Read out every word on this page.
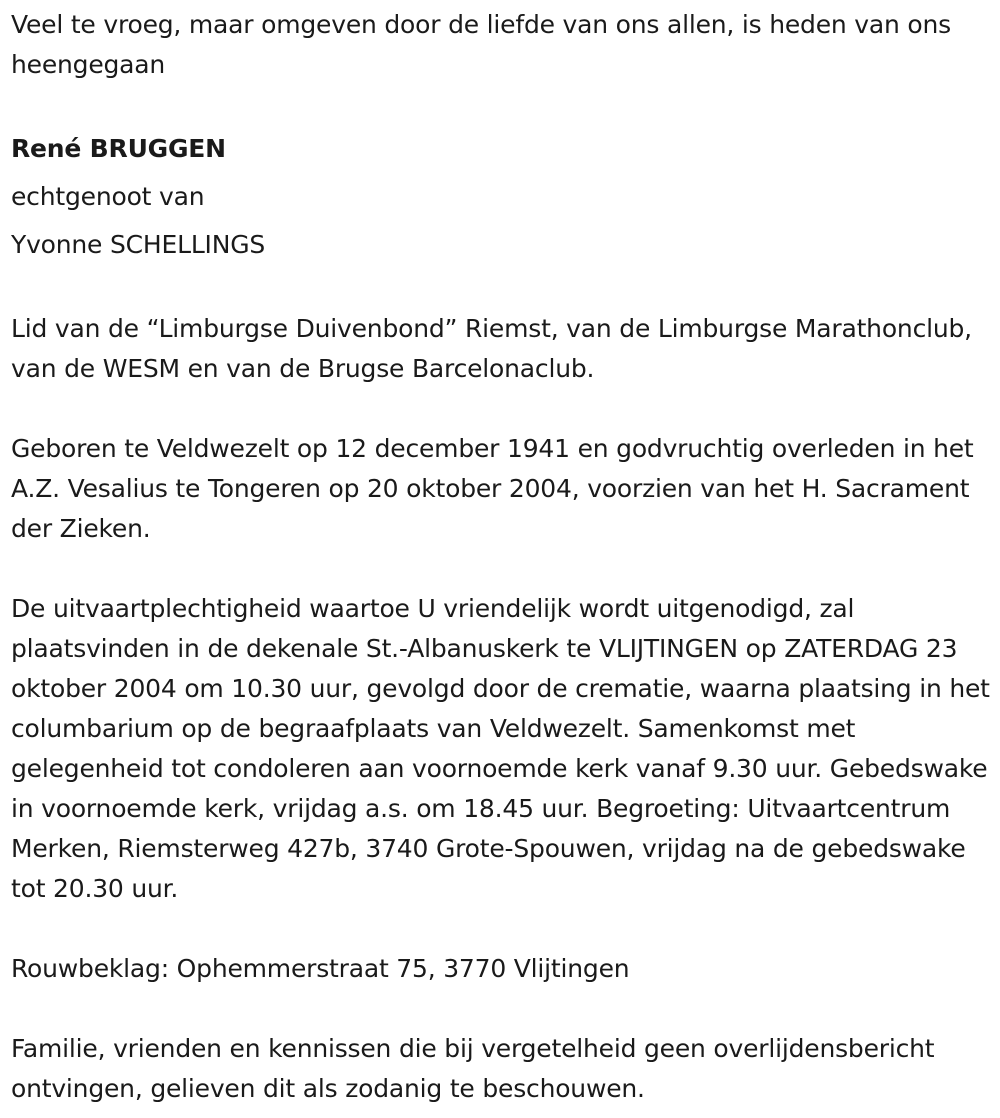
Veel te vroeg, maar omgeven door de liefde van ons allen, is heden van ons heengegaan

René BRUGGEN

echtgenoot van

Yvonne SCHELLINGS

Lid van de “Limburgse Duivenbond” Riemst, van de Limburgse Marathonclub, van de WESM en van de Brugse Barcelonaclub.

Geboren te Veldwezelt op 12 december 1941 en godvruchtig overleden in het A.Z. Vesalius te Tongeren op 20 oktober 2004, voorzien van het H. Sacrament der Zieken.

De uitvaartplechtigheid waartoe U vriendelijk wordt uitgenodigd, zal plaatsvinden in de dekenale St.-Albanuskerk te VLIJTINGEN op ZATERDAG 23 oktober 2004 om 10.30 uur, gevolgd door de crematie, waarna plaatsing in het columbarium op de begraafplaats van Veldwezelt. Samenkomst met gelegenheid tot condoleren aan voornoemde kerk vanaf 9.30 uur. Gebedswake in voornoemde kerk, vrijdag a.s. om 18.45 uur. Begroeting: Uitvaartcentrum Merken, Riemsterweg 427b, 3740 Grote-Spouwen, vrijdag na de gebedswake tot 20.30 uur.

Rouwbeklag: Ophemmerstraat 75, 3770 Vlijtingen

Familie, vrienden en kennissen die bij vergetelheid geen overlijdensbericht ontvingen, gelieven dit als zodanig te beschouwen.
